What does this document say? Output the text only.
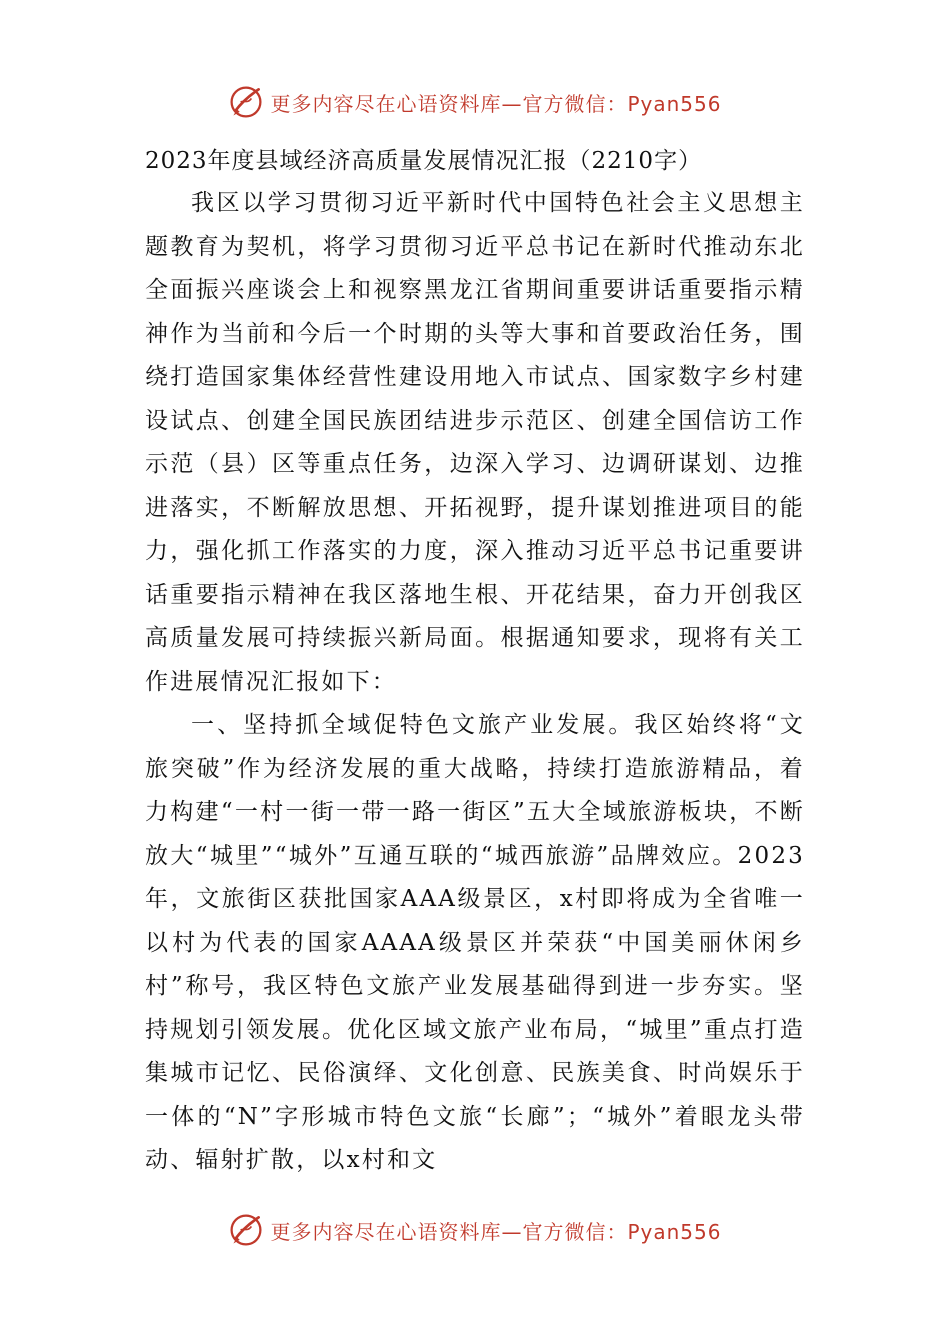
更多内容尽在心语资料库—官方微信：Pyan556
2023年度县域经济高质量发展情况汇报（2210字）

我区以学习贯彻习近平新时代中国特色社会主义思想主题教育为契机，将学习贯彻习近平总书记在新时代推动东北全面振兴座谈会上和视察黑龙江省期间重要讲话重要指示精神作为当前和今后一个时期的头等大事和首要政治任务，围绕打造国家集体经营性建设用地入市试点、国家数字乡村建设试点、创建全国民族团结进步示范区、创建全国信访工作示范（县）区等重点任务，边深入学习、边调研谋划、边推进落实，不断解放思想、开拓视野，提升谋划推进项目的能力，强化抓工作落实的力度，深入推动习近平总书记重要讲话重要指示精神在我区落地生根、开花结果，奋力开创我区高质量发展可持续振兴新局面。根据通知要求，现将有关工作进展情况汇报如下：

一、坚持抓全域促特色文旅产业发展。我区始终将“文旅突破”作为经济发展的重大战略，持续打造旅游精品，着力构建“一村一街一带一路一街区”五大全域旅游板块，不断放大“城里”“城外”互通互联的“城西旅游”品牌效应。2023年，文旅街区获批国家AAA级景区，x村即将成为全省唯一以村为代表的国家AAAA级景区并荣获“中国美丽休闲乡村”称号，我区特色文旅产业发展基础得到进一步夯实。坚持规划引领发展。优化区域文旅产业布局，“城里”重点打造集城市记忆、民俗演绎、文化创意、民族美食、时尚娱乐于一体的“N”字形城市特色文旅“长廊”；“城外”着眼龙头带动、辐射扩散，以x村和文

更多内容尽在心语资料库—官方微信：Pyan556
